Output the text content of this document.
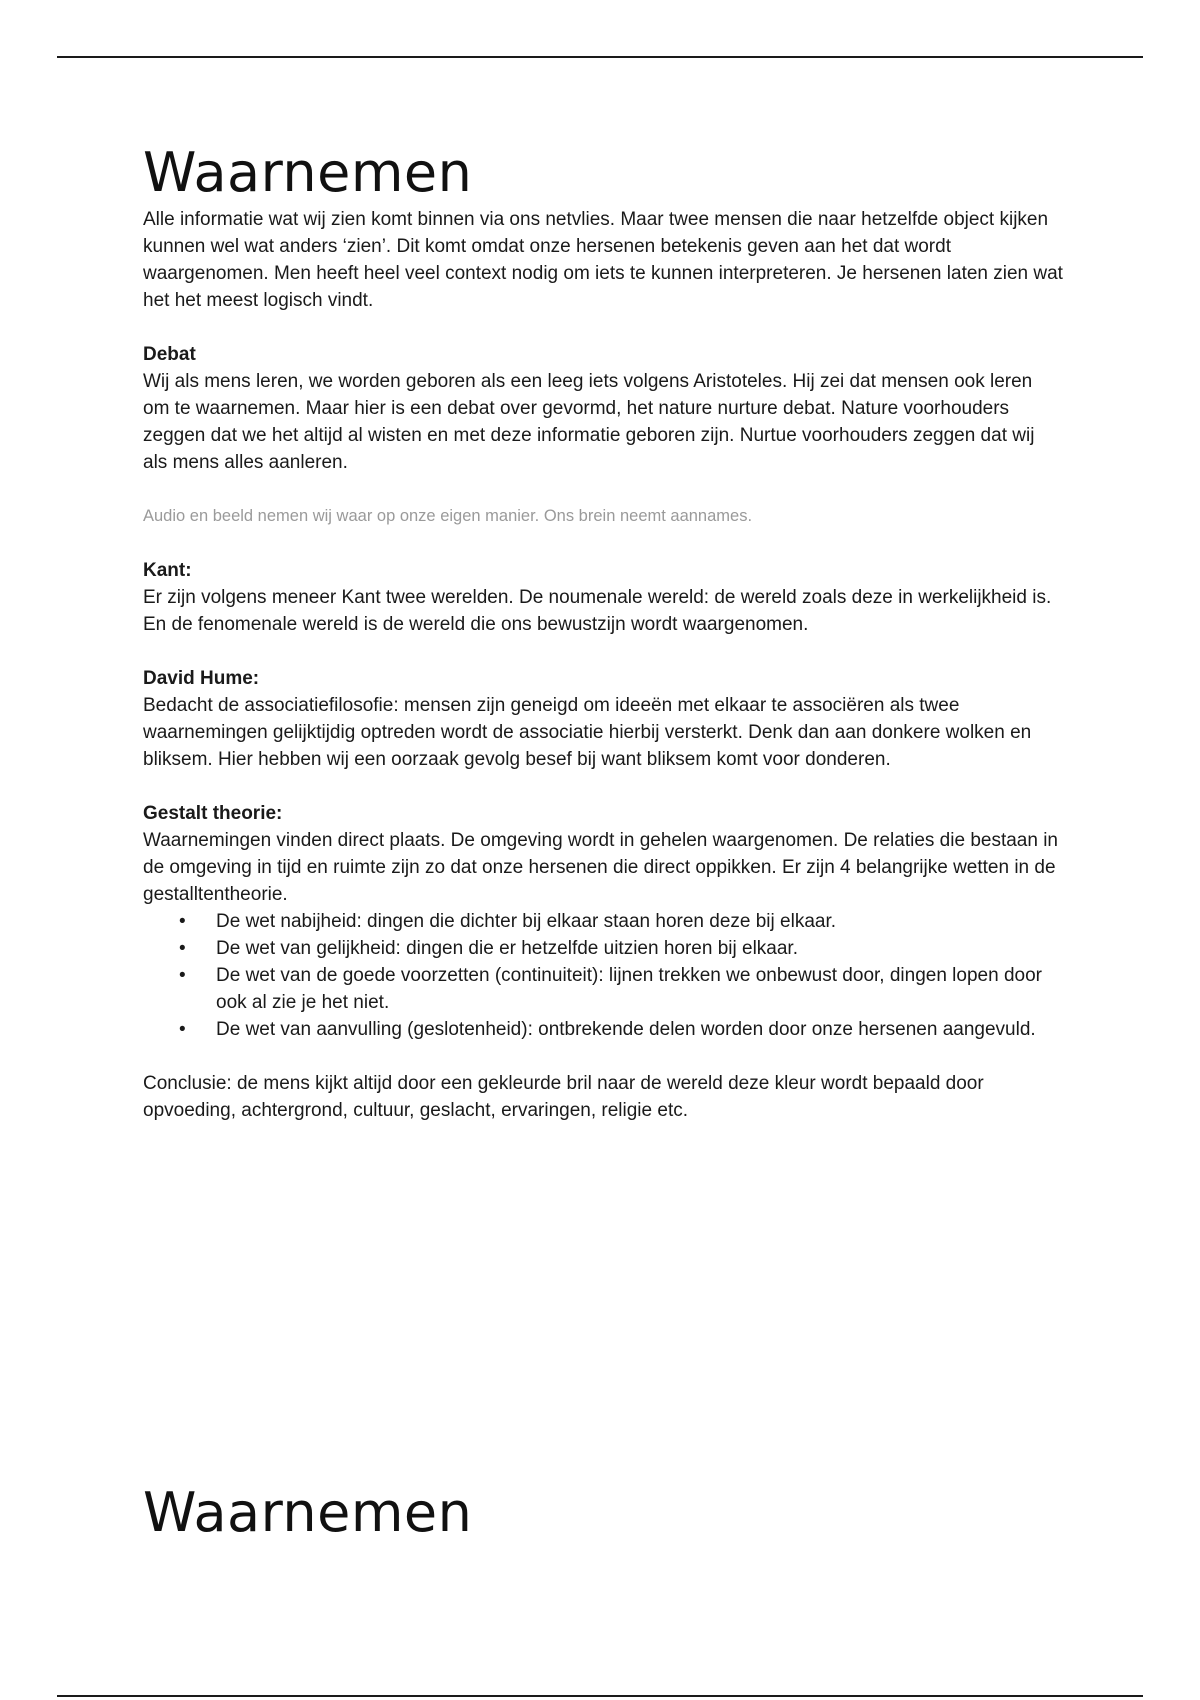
Waarnemen

Alle informatie wat wij zien komt binnen via ons netvlies. Maar twee mensen die naar hetzelfde object kijken kunnen wel wat anders ‘zien’. Dit komt omdat onze hersenen betekenis geven aan het dat wordt waargenomen. Men heeft heel veel context nodig om iets te kunnen interpreteren. Je hersenen laten zien wat het het meest logisch vindt.

Debat

Wij als mens leren, we worden geboren als een leeg iets volgens Aristoteles. Hij zei dat mensen ook leren om te waarnemen. Maar hier is een debat over gevormd, het nature nurture debat. Nature voorhouders zeggen dat we het altijd al wisten en met deze informatie geboren zijn. Nurtue voorhouders zeggen dat wij als mens alles aanleren.

Audio en beeld nemen wij waar op onze eigen manier. Ons brein neemt aannames.

Kant:

Er zijn volgens meneer Kant twee werelden. De noumenale wereld: de wereld zoals deze in werkelijkheid is. En de fenomenale wereld is de wereld die ons bewustzijn wordt waargenomen.

David Hume:

Bedacht de associatiefilosofie: mensen zijn geneigd om ideeën met elkaar te associëren als twee waarnemingen gelijktijdig optreden wordt de associatie hierbij versterkt. Denk dan aan donkere wolken en bliksem. Hier hebben wij een oorzaak gevolg besef bij want bliksem komt voor donderen.

Gestalt theorie:

Waarnemingen vinden direct plaats. De omgeving wordt in gehelen waargenomen. De relaties die bestaan in de omgeving in tijd en ruimte zijn zo dat onze hersenen die direct oppikken. Er zijn 4 belangrijke wetten in de gestalltentheorie.

• De wet nabijheid: dingen die dichter bij elkaar staan horen deze bij elkaar.
• De wet van gelijkheid: dingen die er hetzelfde uitzien horen bij elkaar.
• De wet van de goede voorzetten (continuiteit): lijnen trekken we onbewust door, dingen lopen door ook al zie je het niet.
• De wet van aanvulling (geslotenheid): ontbrekende delen worden door onze hersenen aangevuld.

Conclusie: de mens kijkt altijd door een gekleurde bril naar de wereld deze kleur wordt bepaald door opvoeding, achtergrond, cultuur, geslacht, ervaringen, religie etc.

Waarnemen
